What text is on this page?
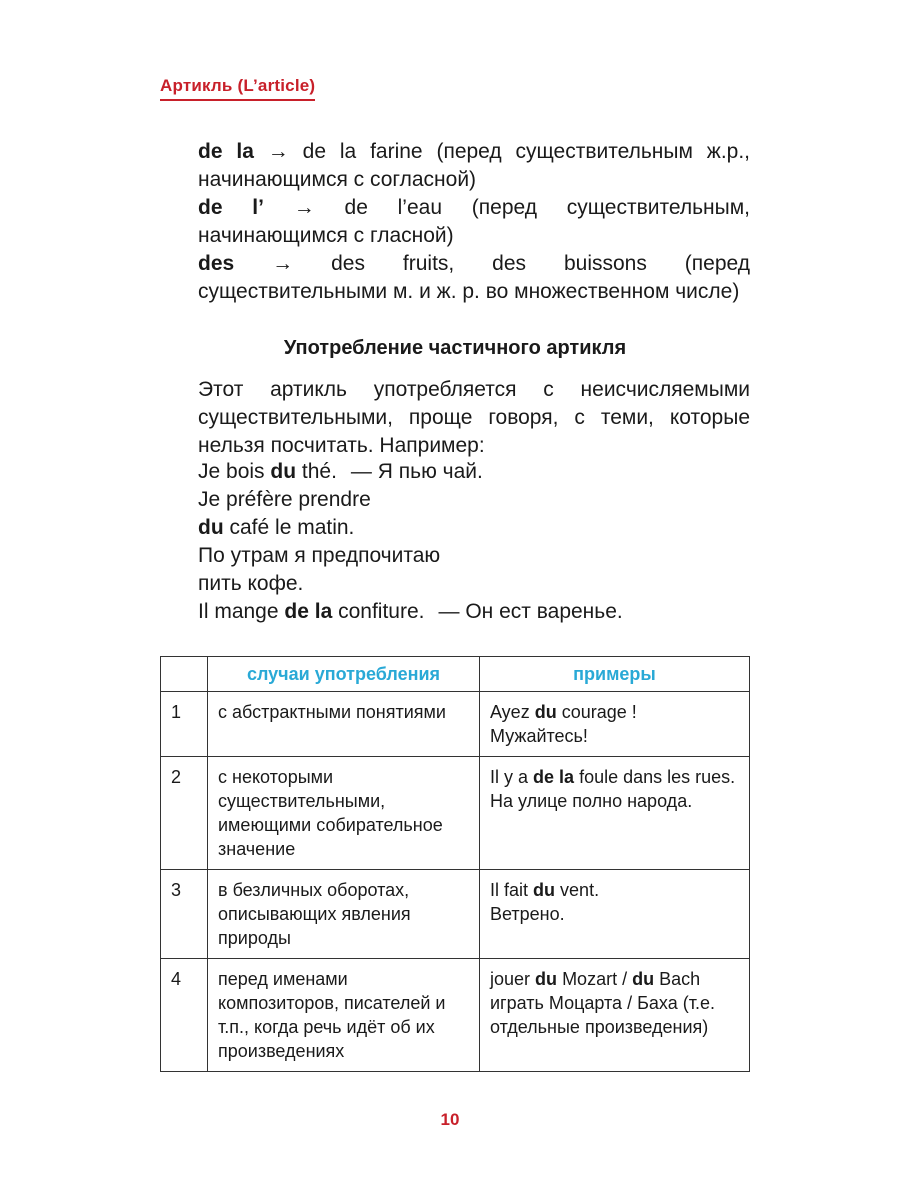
Артикль (L’article)

de la → de la farine (перед существительным ж.р., начинающимся с согласной)

de l’ → de l’eau (перед существительным, начинающимся с гласной)

des → des fruits, des buissons (перед существительными м. и ж. р. во множественном числе)

Употребление частичного артикля

Этот артикль употребляется с неисчисляемыми существительными, проще говоря, с теми, которые нельзя посчитать. Например:

Je bois du thé. — Я пью чай.
Je préfère prendre
du café le matin.
По утрам я предпочитаю
пить кофе.
Il mange de la confiture. — Он ест варенье.
	случаи употребления	примеры
1	с абстрактными понятиями	Ayez du courage !
Мужайтесь!
2	с некоторыми существительными, имеющими собирательное значение	Il y a de la foule dans les rues.
На улице полно народа.
3	в безличных оборотах, описывающих явления природы	Il fait du vent.
Ветрено.
4	перед именами композиторов, писателей и т.п., когда речь идёт об их произведениях	jouer du Mozart / du Bach
играть Моцарта / Баха (т.е. отдельные произведения)
10
